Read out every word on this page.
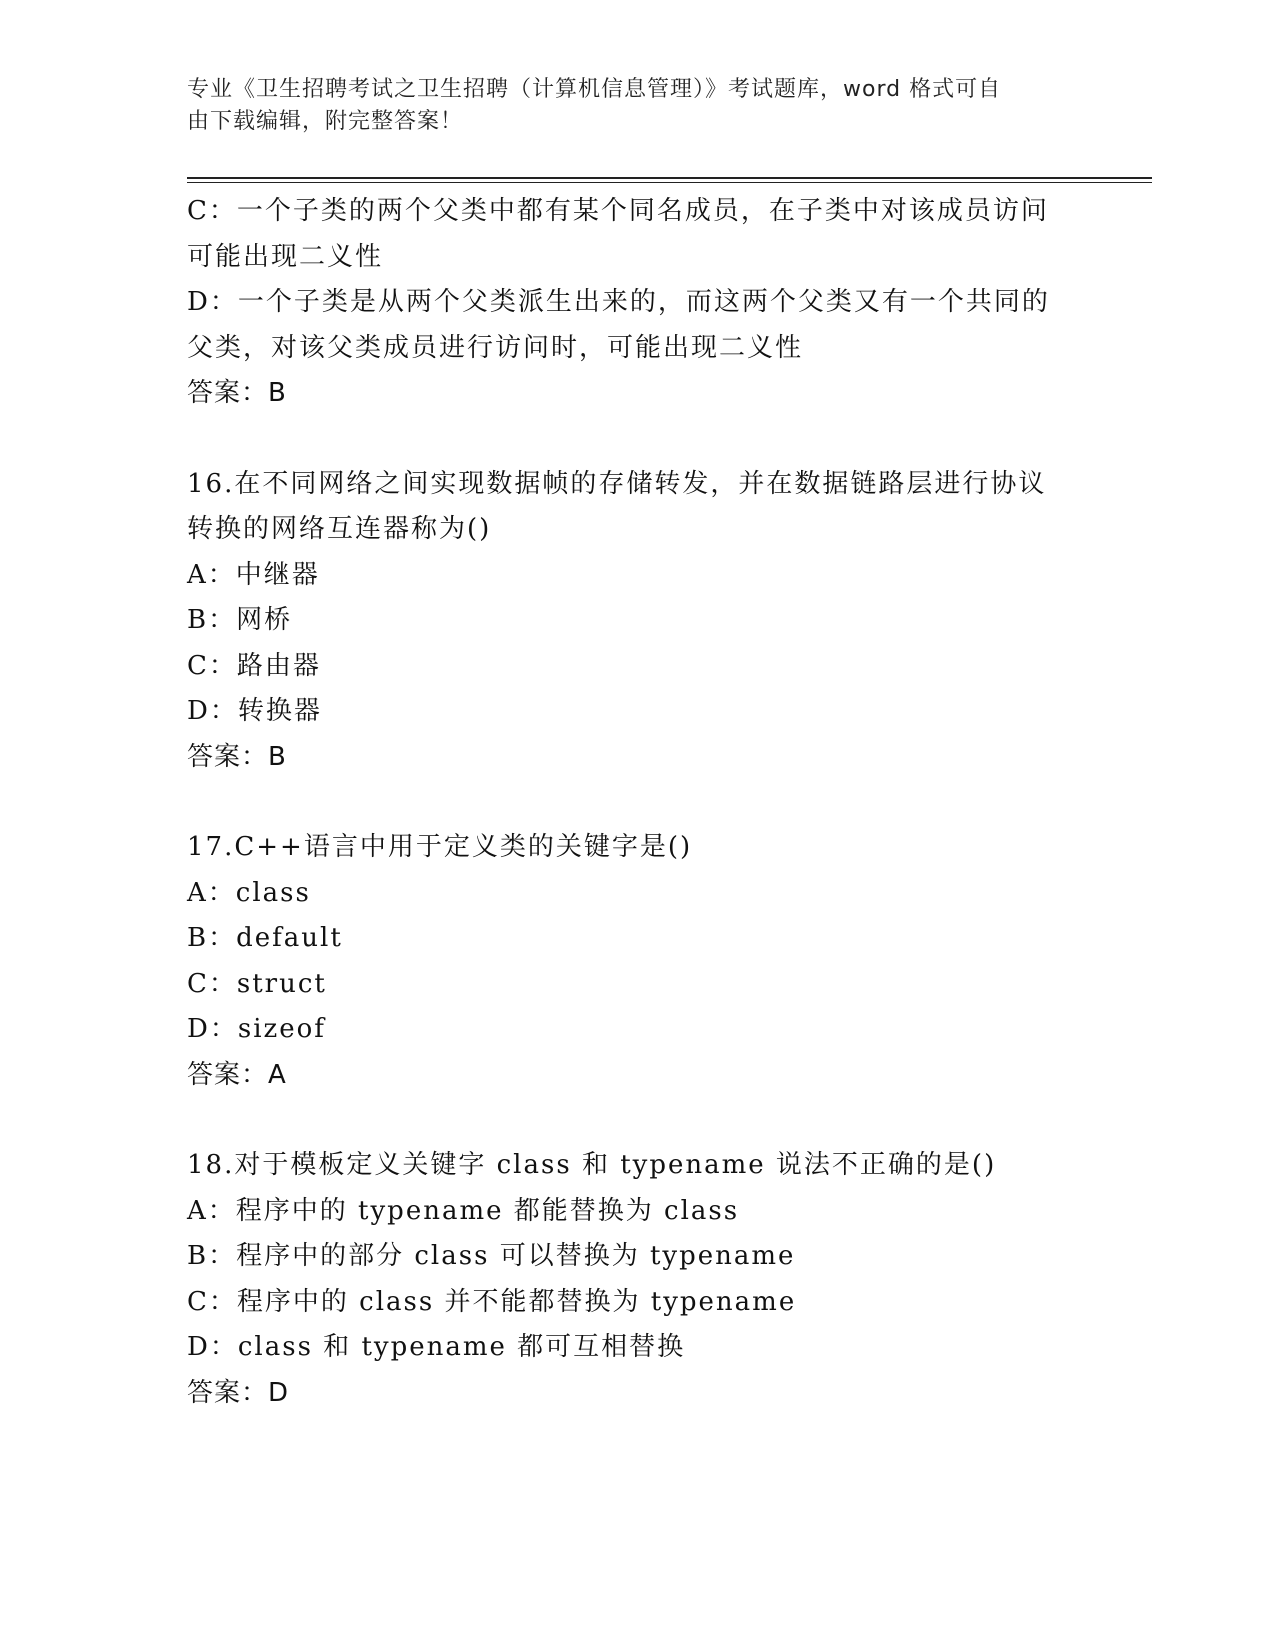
专业《卫生招聘考试之卫生招聘（计算机信息管理）》考试题库，word 格式可自
由下载编辑，附完整答案！

C：一个子类的两个父类中都有某个同名成员，在子类中对该成员访问

可能出现二义性

D：一个子类是从两个父类派生出来的，而这两个父类又有一个共同的

父类，对该父类成员进行访问时，可能出现二义性

答案：B

16.在不同网络之间实现数据帧的存储转发，并在数据链路层进行协议

转换的网络互连器称为()

A：中继器

B：网桥

C：路由器

D：转换器

答案：B

17.C++语言中用于定义类的关键字是()

A：class

B：default

C：struct

D：sizeof

答案：A

18.对于模板定义关键字 class 和 typename 说法不正确的是()

A：程序中的 typename 都能替换为 class

B：程序中的部分 class 可以替换为 typename

C：程序中的 class 并不能都替换为 typename

D：class 和 typename 都可互相替换

答案：D
